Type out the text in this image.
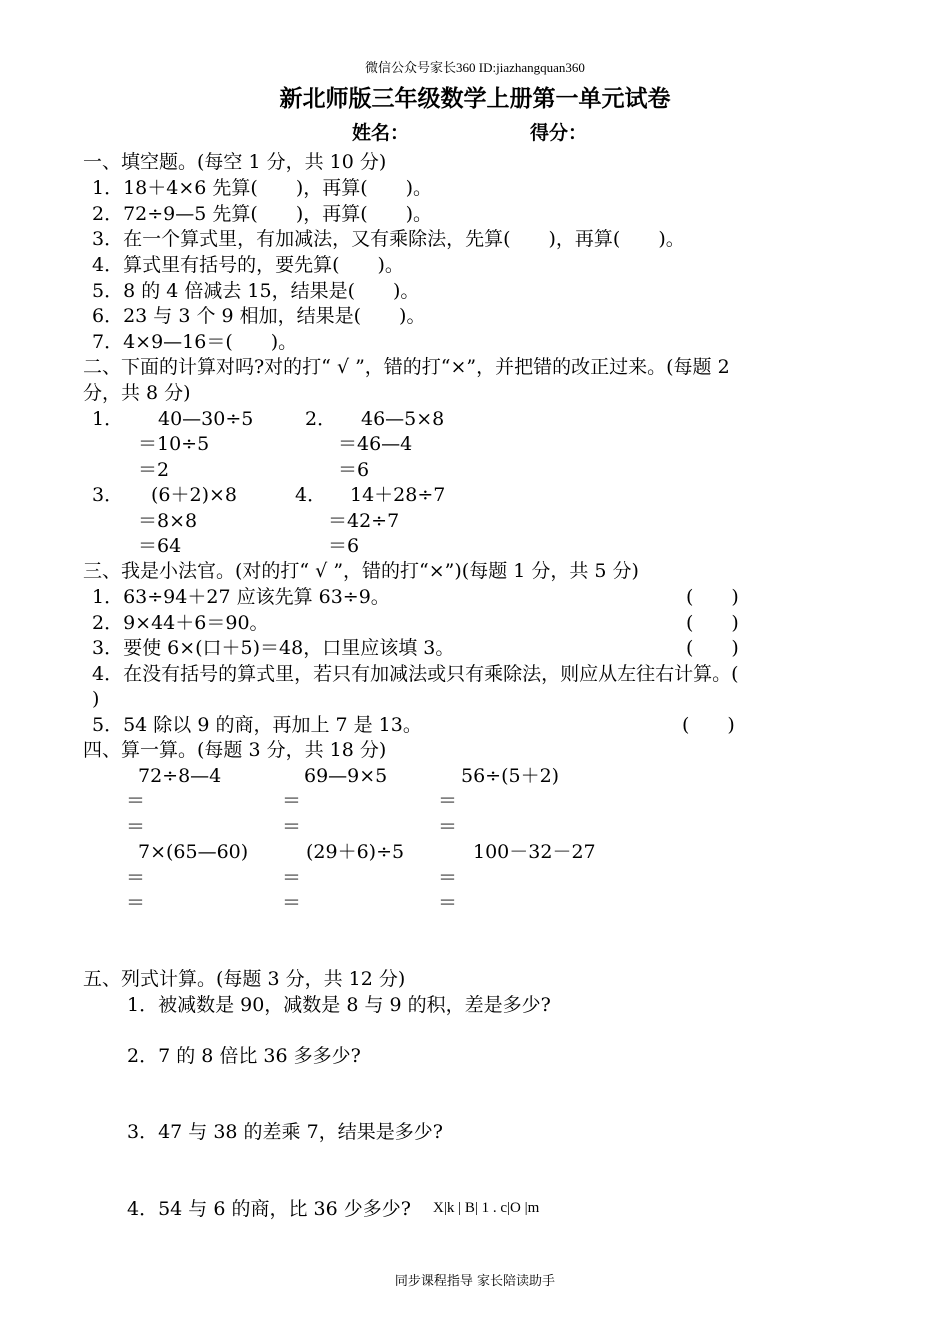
微信公众号家长360 ID:jiazhangquan360
新北师版三年级数学上册第一单元试卷
姓名：	得分：
一、填空题。(每空 1 分，共 10 分)
1．18＋4×6 先算(　　)，再算(　　)。
2．72÷9—5 先算(　　)，再算(　　)。
3．在一个算式里，有加减法，又有乘除法，先算(　　)，再算(　　)。
4．算式里有括号的，要先算(　　)。
5．8 的 4 倍减去 15，结果是(　　)。
6．23 与 3 个 9 相加，结果是(　　)。
7．4×9—16＝(　　)。
二、下面的计算对吗?对的打“ √ ”，错的打“×”，并把错的改正过来。(每题 2
分，共 8 分)
1． 40—30÷5
＝10÷5
＝2
2． 46—5×8
＝46—4
＝6
3． (6＋2)×8
＝8×8
＝64
4． 14＋28÷7
＝42÷7
＝6
三、我是小法官。(对的打“ √ ”，错的打“×”)(每题 1 分，共 5 分)
1．63÷94＋27 应该先算 63÷9。	(　　)
2．9×44＋6＝90。	(　　)
3．要使 6×(口＋5)＝48，口里应该填 3。	(　　)
4．在没有括号的算式里，若只有加减法或只有乘除法，则应从左往右计算。(
)
5．54 除以 9 的商，再加上 7 是 13。	(　　)
四、算一算。(每题 3 分，共 18 分)
72÷8—4	69—9×5	56÷(5＋2)
＝	＝	＝
＝	＝	＝
7×(65—60)	(29＋6)÷5	100－32－27
＝	＝	＝
＝	＝	＝
五、列式计算。(每题 3 分，共 12 分)
1．被减数是 90，减数是 8 与 9 的积，差是多少?
2．7 的 8 倍比 36 多多少?
3．47 与 38 的差乘 7，结果是多少?
4．54 与 6 的商，比 36 少多少? X|k | B| 1 . c|O |m
同步课程指导 家长陪读助手
